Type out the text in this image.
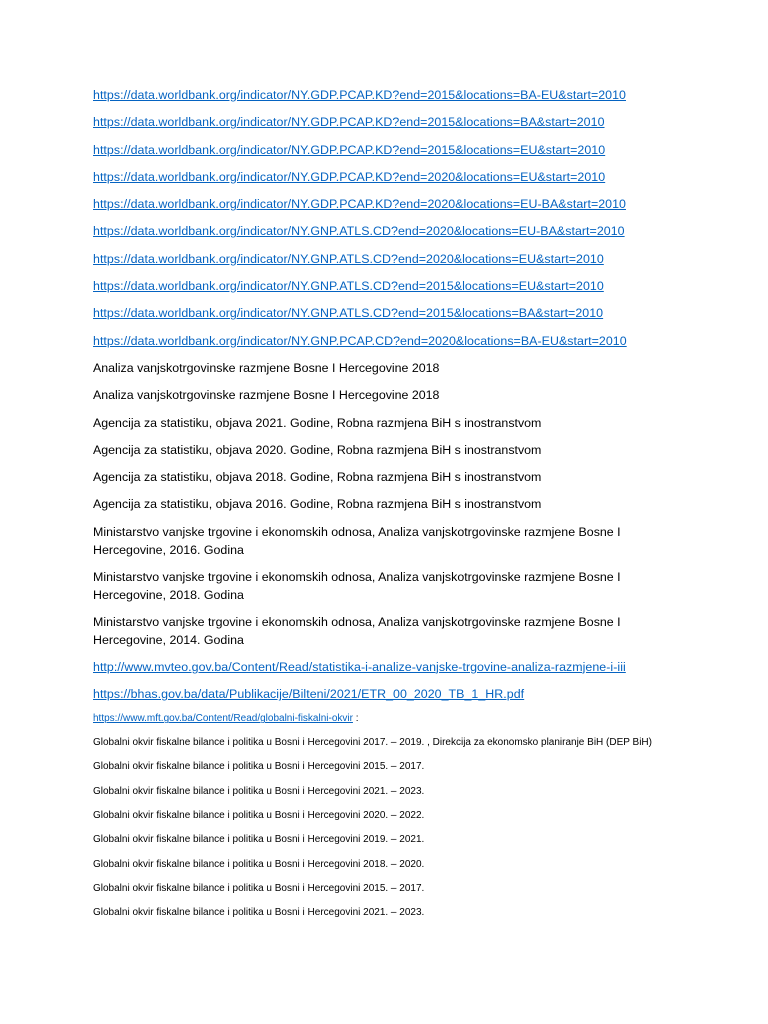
https://data.worldbank.org/indicator/NY.GDP.PCAP.KD?end=2015&locations=BA-EU&start=2010
https://data.worldbank.org/indicator/NY.GDP.PCAP.KD?end=2015&locations=BA&start=2010
https://data.worldbank.org/indicator/NY.GDP.PCAP.KD?end=2015&locations=EU&start=2010
https://data.worldbank.org/indicator/NY.GDP.PCAP.KD?end=2020&locations=EU&start=2010
https://data.worldbank.org/indicator/NY.GDP.PCAP.KD?end=2020&locations=EU-BA&start=2010
https://data.worldbank.org/indicator/NY.GNP.ATLS.CD?end=2020&locations=EU-BA&start=2010
https://data.worldbank.org/indicator/NY.GNP.ATLS.CD?end=2020&locations=EU&start=2010
https://data.worldbank.org/indicator/NY.GNP.ATLS.CD?end=2015&locations=EU&start=2010
https://data.worldbank.org/indicator/NY.GNP.ATLS.CD?end=2015&locations=BA&start=2010
https://data.worldbank.org/indicator/NY.GNP.PCAP.CD?end=2020&locations=BA-EU&start=2010
Analiza vanjskotrgovinske razmjene Bosne I Hercegovine 2018
Analiza vanjskotrgovinske razmjene Bosne I Hercegovine 2018
Agencija za statistiku, objava 2021. Godine, Robna razmjena BiH s inostranstvom
Agencija za statistiku, objava 2020. Godine, Robna razmjena BiH s inostranstvom
Agencija za statistiku, objava 2018. Godine, Robna razmjena BiH s inostranstvom
Agencija za statistiku, objava 2016. Godine, Robna razmjena BiH s inostranstvom
Ministarstvo vanjske trgovine i ekonomskih odnosa, Analiza vanjskotrgovinske razmjene Bosne I Hercegovine, 2016. Godina
Ministarstvo vanjske trgovine i ekonomskih odnosa, Analiza vanjskotrgovinske razmjene Bosne I Hercegovine, 2018. Godina
Ministarstvo vanjske trgovine i ekonomskih odnosa, Analiza vanjskotrgovinske razmjene Bosne I Hercegovine, 2014. Godina
http://www.mvteo.gov.ba/Content/Read/statistika-i-analize-vanjske-trgovine-analiza-razmjene-i-iii
https://bhas.gov.ba/data/Publikacije/Bilteni/2021/ETR_00_2020_TB_1_HR.pdf
https://www.mft.gov.ba/Content/Read/globalni-fiskalni-okvir :
Globalni okvir fiskalne bilance i politika u Bosni i Hercegovini 2017. – 2019. , Direkcija za ekonomsko planiranje BiH (DEP BiH)
Globalni okvir fiskalne bilance i politika u Bosni i Hercegovini 2015. – 2017.
Globalni okvir fiskalne bilance i politika u Bosni i Hercegovini 2021. – 2023.
Globalni okvir fiskalne bilance i politika u Bosni i Hercegovini 2020. – 2022.
Globalni okvir fiskalne bilance i politika u Bosni i Hercegovini 2019. – 2021.
Globalni okvir fiskalne bilance i politika u Bosni i Hercegovini 2018. – 2020.
Globalni okvir fiskalne bilance i politika u Bosni i Hercegovini 2015. – 2017.
Globalni okvir fiskalne bilance i politika u Bosni i Hercegovini 2021. – 2023.
